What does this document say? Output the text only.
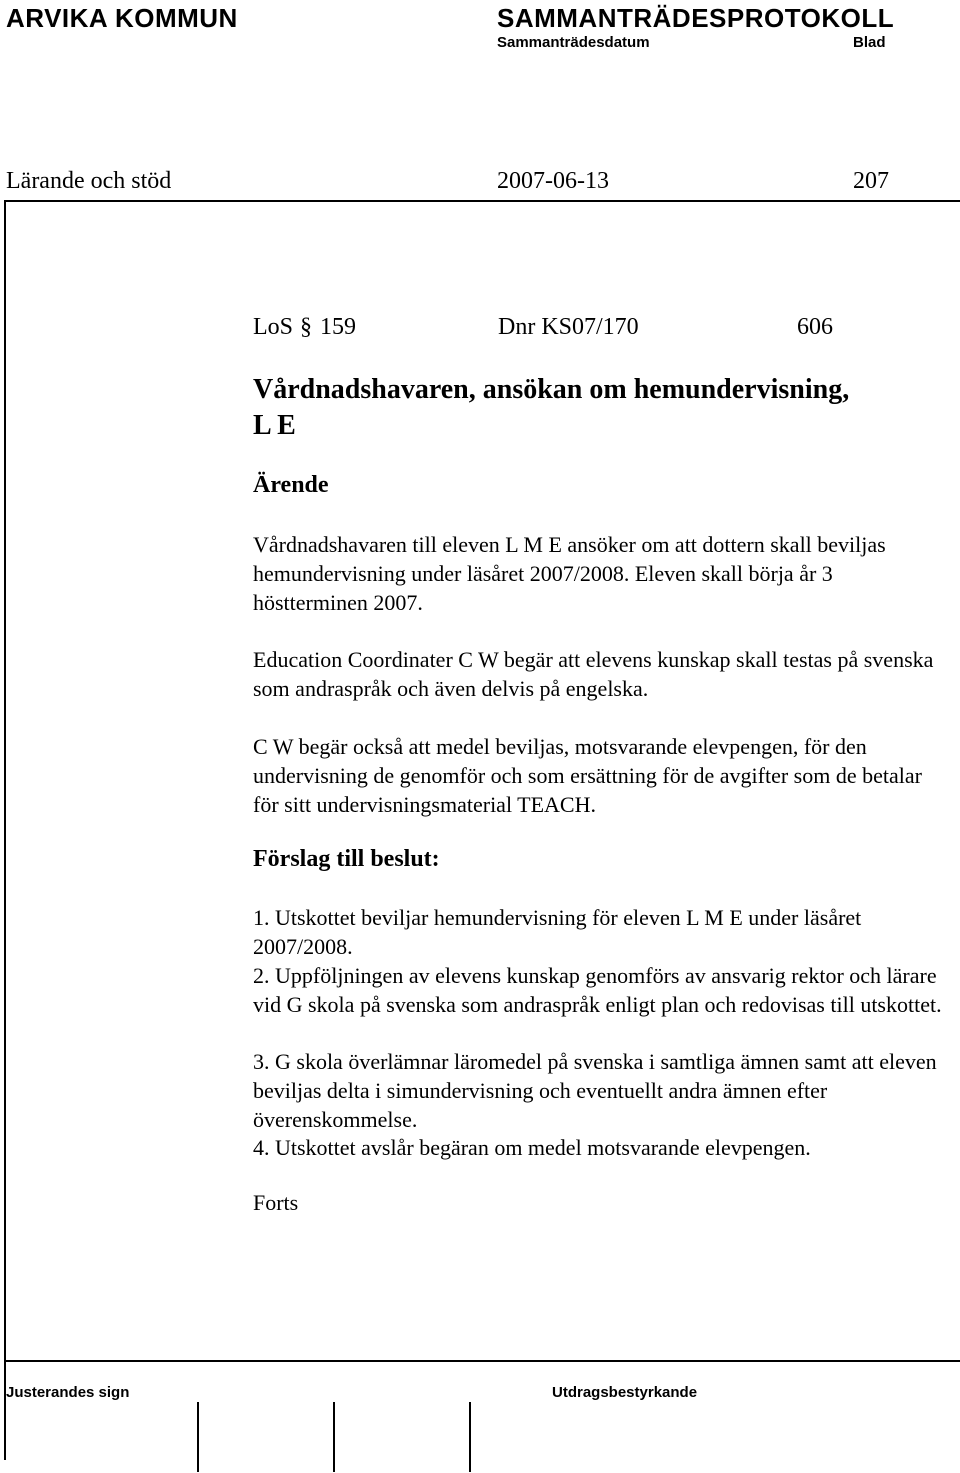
ARVIKA KOMMUN	SAMMANTRÄDESPROTOKOLL
Sammanträdesdatum	Blad
Lärande och stöd	2007-06-13	207
LoS § 159	Dnr KS07/170	606
Vårdnadshavaren, ansökan om hemundervisning,
L E
Ärende
Vårdnadshavaren till eleven L M E ansöker om att dottern skall beviljas hemundervisning under läsåret 2007/2008. Eleven skall börja år 3 höstterminen 2007.
Education Coordinater C W begär att elevens kunskap skall testas på svenska som andraspråk och även delvis på engelska.
C W begär också att medel beviljas, motsvarande elevpengen, för den undervisning de genomför och som ersättning för de avgifter som de betalar för sitt undervisningsmaterial TEACH.
Förslag till beslut:
1. Utskottet beviljar hemundervisning för eleven L M E under läsåret 2007/2008.
2. Uppföljningen av elevens kunskap genomförs av ansvarig rektor och lärare vid G skola på svenska som andraspråk enligt plan och redovisas till utskottet.
3. G skola överlämnar läromedel på svenska i samtliga ämnen samt att eleven beviljas delta i simundervisning och eventuellt andra ämnen efter överenskommelse.
4. Utskottet avslår begäran om medel motsvarande elevpengen.
Forts
Justerandes sign	Utdragsbestyrkande
